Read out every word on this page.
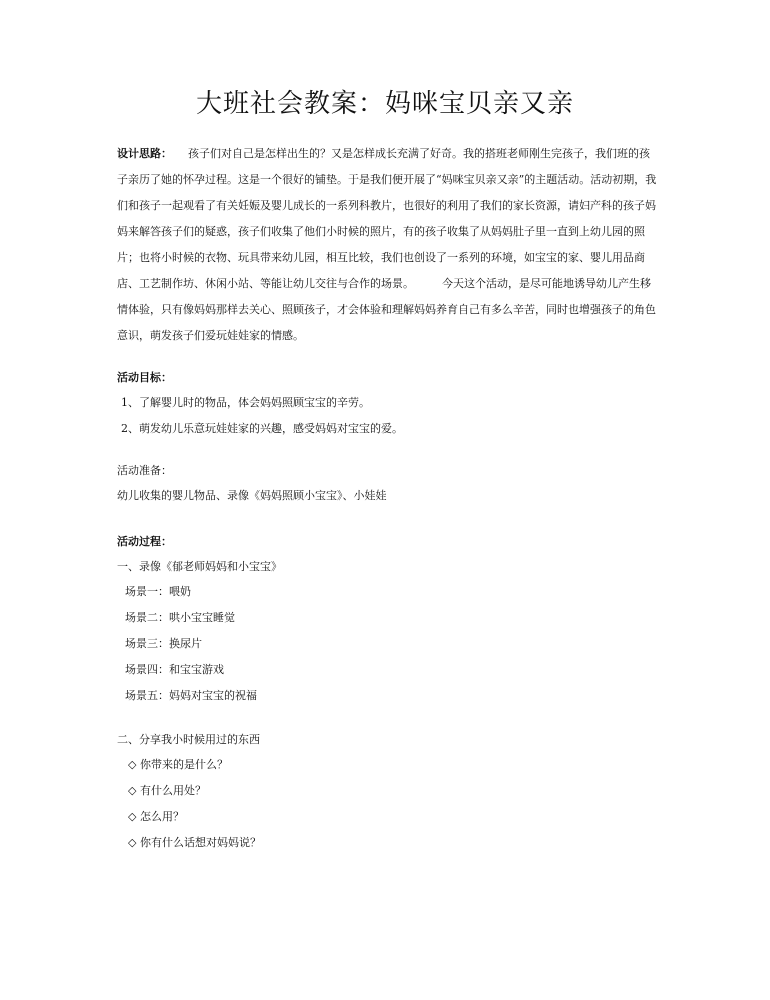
大班社会教案：妈咪宝贝亲又亲

设计思路： 孩子们对自己是怎样出生的？又是怎样成长充满了好奇。我的搭班老师刚生完孩子，我们班的孩子亲历了她的怀孕过程。这是一个很好的铺垫。于是我们便开展了“妈咪宝贝亲又亲”的主题活动。活动初期，我们和孩子一起观看了有关妊娠及婴儿成长的一系列科教片，也很好的利用了我们的家长资源，请妇产科的孩子妈妈来解答孩子们的疑惑，孩子们收集了他们小时候的照片，有的孩子收集了从妈妈肚子里一直到上幼儿园的照片；也将小时候的衣物、玩具带来幼儿园，相互比较，我们也创设了一系列的环境，如宝宝的家、婴儿用品商店、工艺制作坊、休闲小站、等能让幼儿交往与合作的场景。	今天这个活动，是尽可能地诱导幼儿产生移情体验，只有像妈妈那样去关心、照顾孩子，才会体验和理解妈妈养育自己有多么辛苦，同时也增强孩子的角色意识，萌发孩子们爱玩娃娃家的情感。

活动目标：
1、了解婴儿时的物品，体会妈妈照顾宝宝的辛劳。
2、萌发幼儿乐意玩娃娃家的兴趣，感受妈妈对宝宝的爱。
活动准备：
幼儿收集的婴儿物品、录像《妈妈照顾小宝宝》、小娃娃
活动过程：
一、录像《郁老师妈妈和小宝宝》
场景一：喂奶
场景二：哄小宝宝睡觉
场景三：换尿片
场景四：和宝宝游戏
场景五：妈妈对宝宝的祝福
二、分享我小时候用过的东西
◇ 你带来的是什么？
◇ 有什么用处？
◇ 怎么用？
◇ 你有什么话想对妈妈说？
